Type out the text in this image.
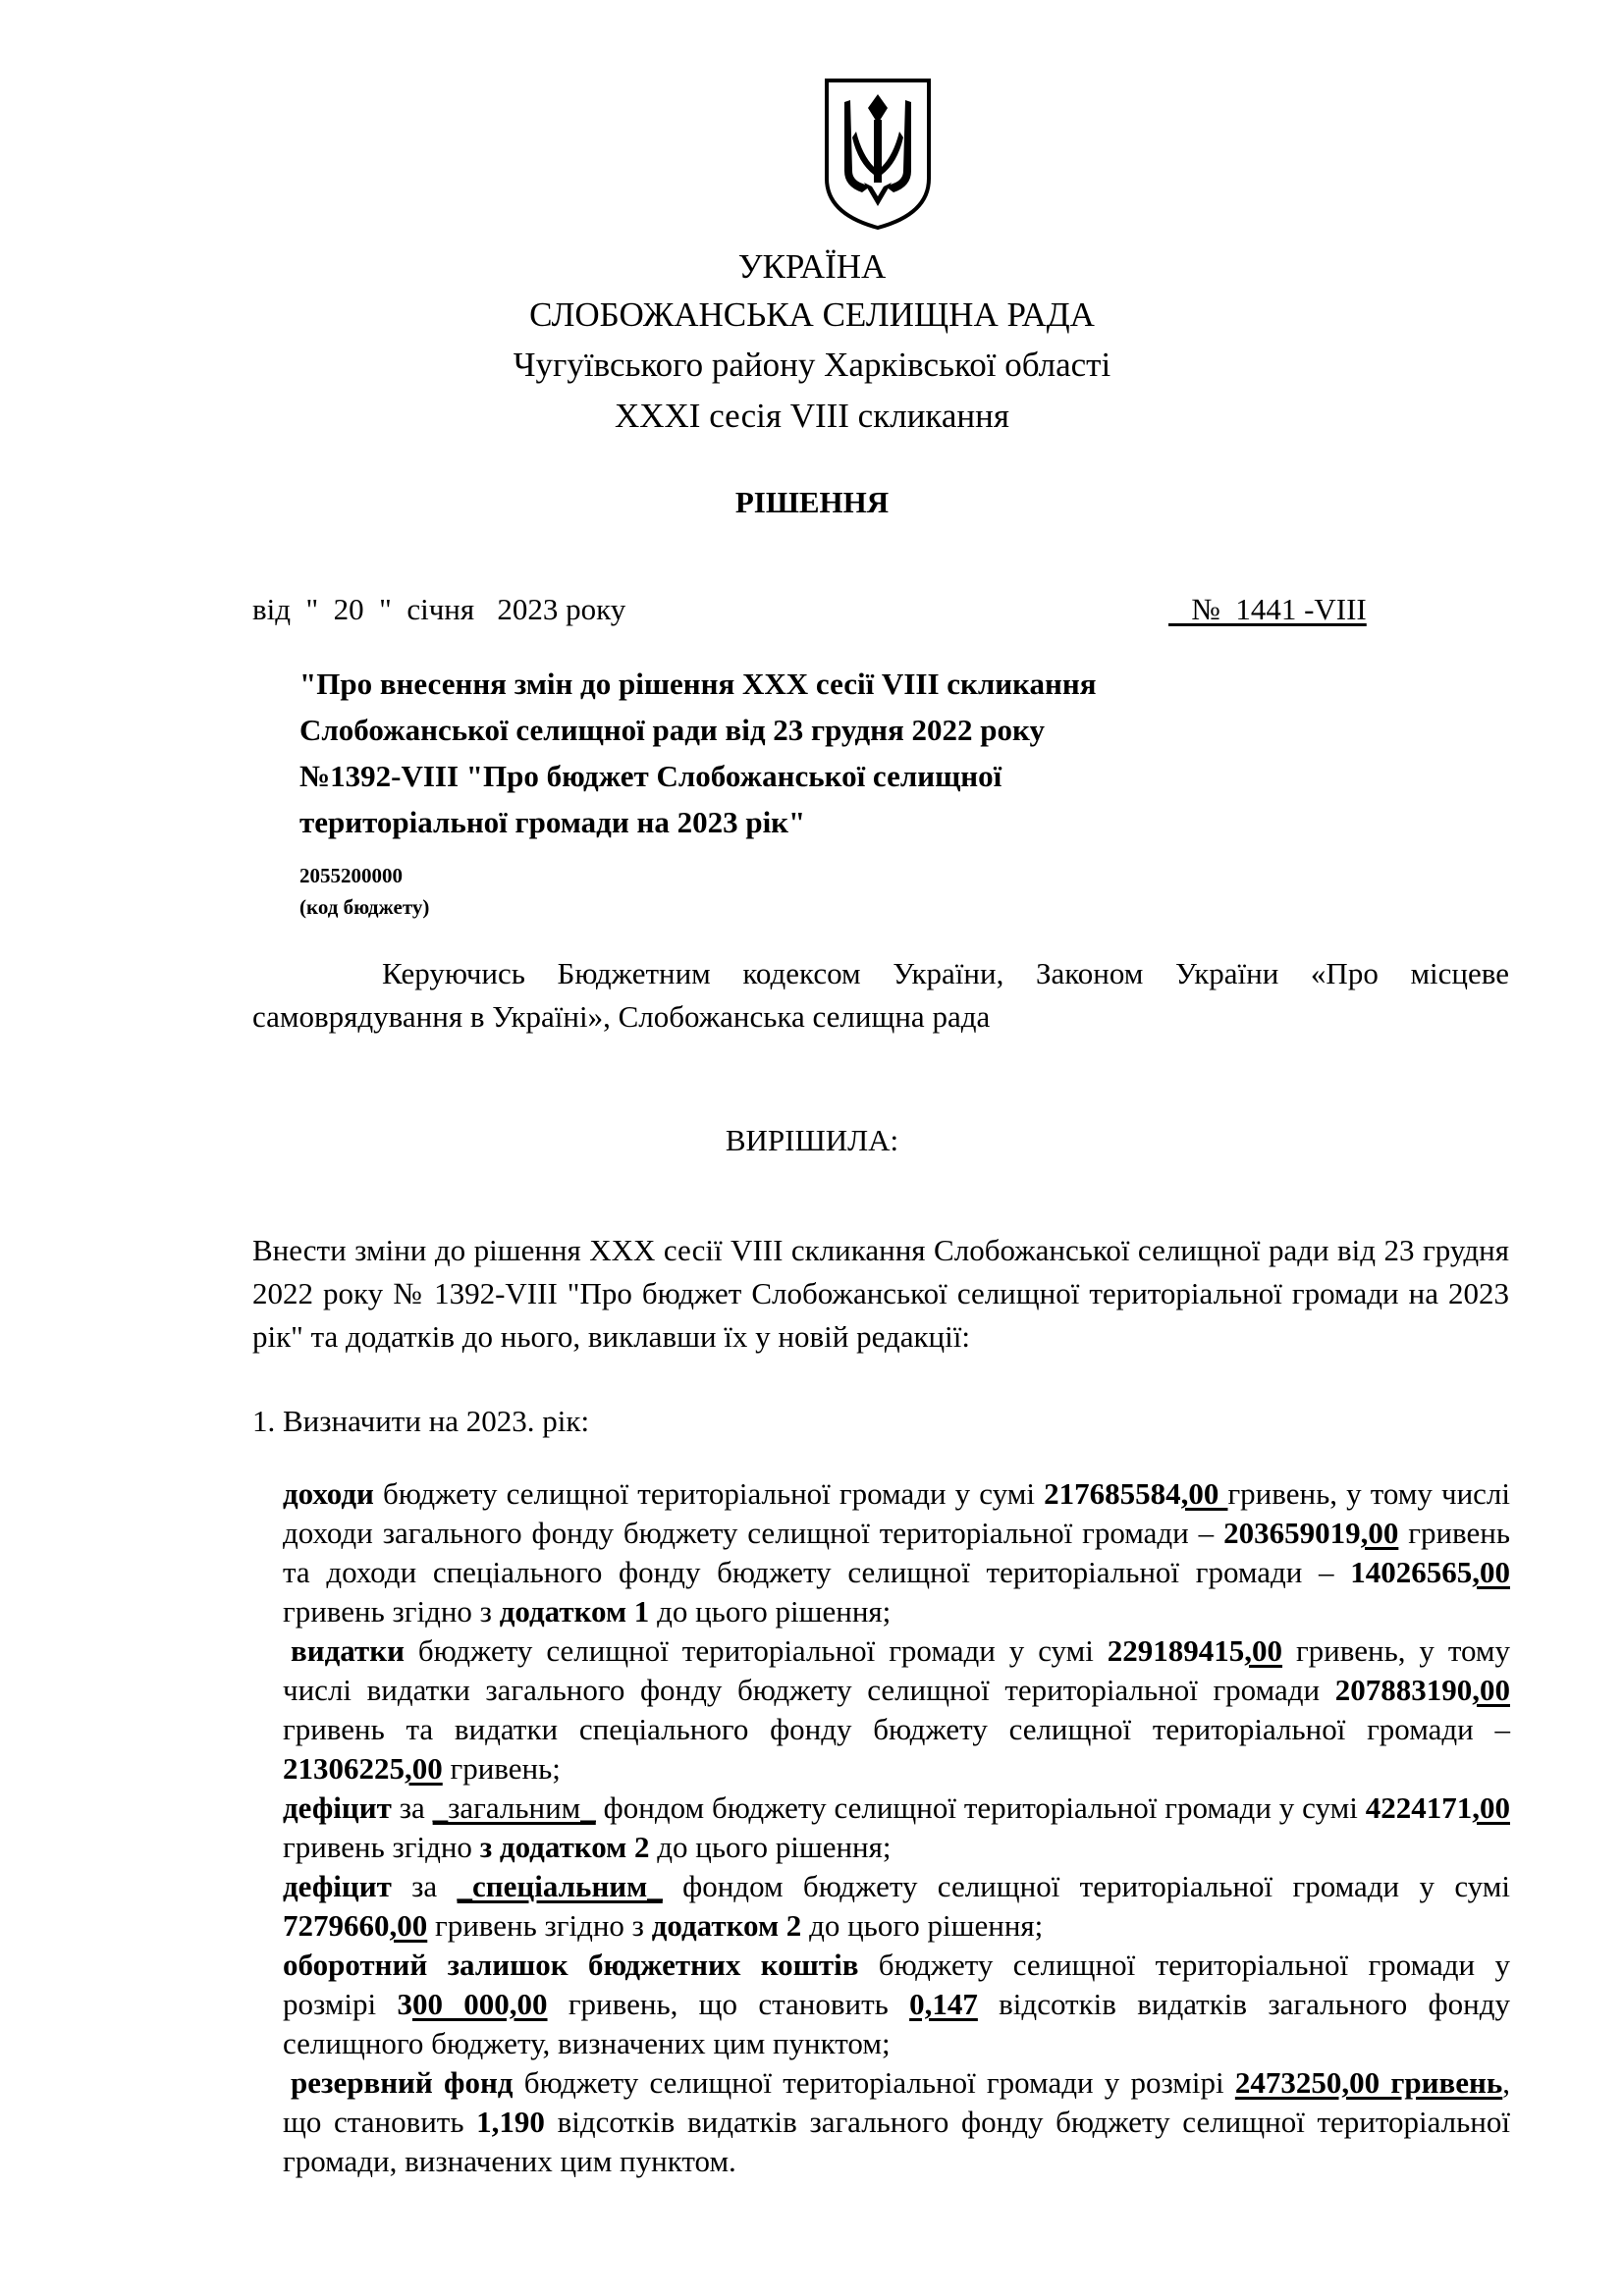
УКРАЇНА
СЛОБОЖАНСЬКА СЕЛИЩНА РАДА
Чугуївського району Харківської області
XXXI сесія VIII скликання
РІШЕННЯ
від  "  20  "  січня   2023 року	№  1441 -VIII
"Про внесення змін до рішення ХХХ сесії VIII скликання
Слобожанської селищної ради від 23 грудня 2022 року
№1392-VIII "Про бюджет Слобожанської селищної
територіальної громади на 2023 рік"
2055200000
(код бюджету)
Керуючись Бюджетним кодексом України, Законом України «Про місцеве самоврядування в Україні», Слобожанська селищна рада
ВИРІШИЛА:
Внести зміни до рішення ХХХ сесії VIII скликання Слобожанської селищної ради від 23 грудня 2022 року № 1392-VIII "Про бюджет Слобожанської селищної територіальної громади на 2023 рік" та додатків до нього, виклавши їх у новій редакції:
1. Визначити на 2023. рік:
доходи бюджету селищної територіальної громади у сумі 217685584,00 гривень, у тому числі доходи загального фонду бюджету селищної територіальної громади – 203659019,00 гривень та доходи спеціального фонду бюджету селищної територіальної громади – 14026565,00 гривень згідно з додатком 1 до цього рішення;
видатки бюджету селищної територіальної громади у сумі 229189415,00 гривень, у тому числі видатки загального фонду бюджету селищної територіальної громади 207883190,00 гривень та видатки спеціального фонду бюджету селищної територіальної громади – 21306225,00 гривень;
дефіцит за _загальним_ фондом бюджету селищної територіальної громади у сумі 4224171,00 гривень згідно з додатком 2 до цього рішення;
дефіцит за _спеціальним_ фондом бюджету селищної територіальної громади у сумі 7279660,00 гривень згідно з додатком 2 до цього рішення;
оборотний залишок бюджетних коштів бюджету селищної територіальної громади у розмірі 300 000,00 гривень, що становить 0,147 відсотків видатків загального фонду селищного бюджету, визначених цим пунктом;
резервний фонд бюджету селищної територіальної громади у розмірі 2473250,00 гривень, що становить 1,190 відсотків видатків загального фонду бюджету селищної територіальної громади, визначених цим пунктом.
